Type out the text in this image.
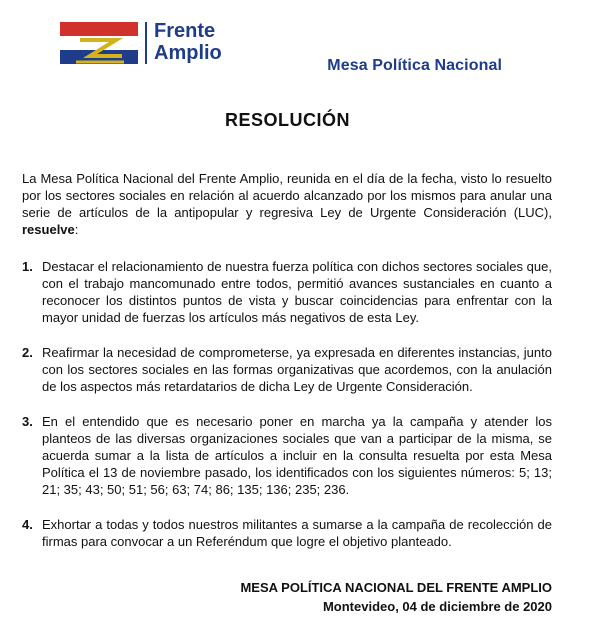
Frente
Amplio
Mesa Política Nacional
RESOLUCIÓN

La Mesa Política Nacional del Frente Amplio, reunida en el día de la fecha, visto lo resuelto por los sectores sociales en relación al acuerdo alcanzado por los mismos para anular una serie de artículos de la antipopular y regresiva Ley de Urgente Consideración (LUC), resuelve:

1. Destacar el relacionamiento de nuestra fuerza política con dichos sectores sociales que, con el trabajo mancomunado entre todos, permitió avances sustanciales en cuanto a reconocer los distintos puntos de vista y buscar coincidencias para enfrentar con la mayor unidad de fuerzas los artículos más negativos de esta Ley.
2. Reafirmar la necesidad de comprometerse, ya expresada en diferentes instancias, junto con los sectores sociales en las formas organizativas que acordemos, con la anulación de los aspectos más retardatarios de dicha Ley de Urgente Consideración.
3. En el entendido que es necesario poner en marcha ya la campaña y atender los planteos de las diversas organizaciones sociales que van a participar de la misma, se acuerda sumar a la lista de artículos a incluir en la consulta resuelta por esta Mesa Política el 13 de noviembre pasado, los identificados con los siguientes números: 5; 13; 21; 35; 43; 50; 51; 56; 63; 74; 86; 135; 136; 235; 236.
4. Exhortar a todas y todos nuestros militantes a sumarse a la campaña de recolección de firmas para convocar a un Referéndum que logre el objetivo planteado.
MESA POLÍTICA NACIONAL DEL FRENTE AMPLIO
Montevideo, 04 de diciembre de 2020
